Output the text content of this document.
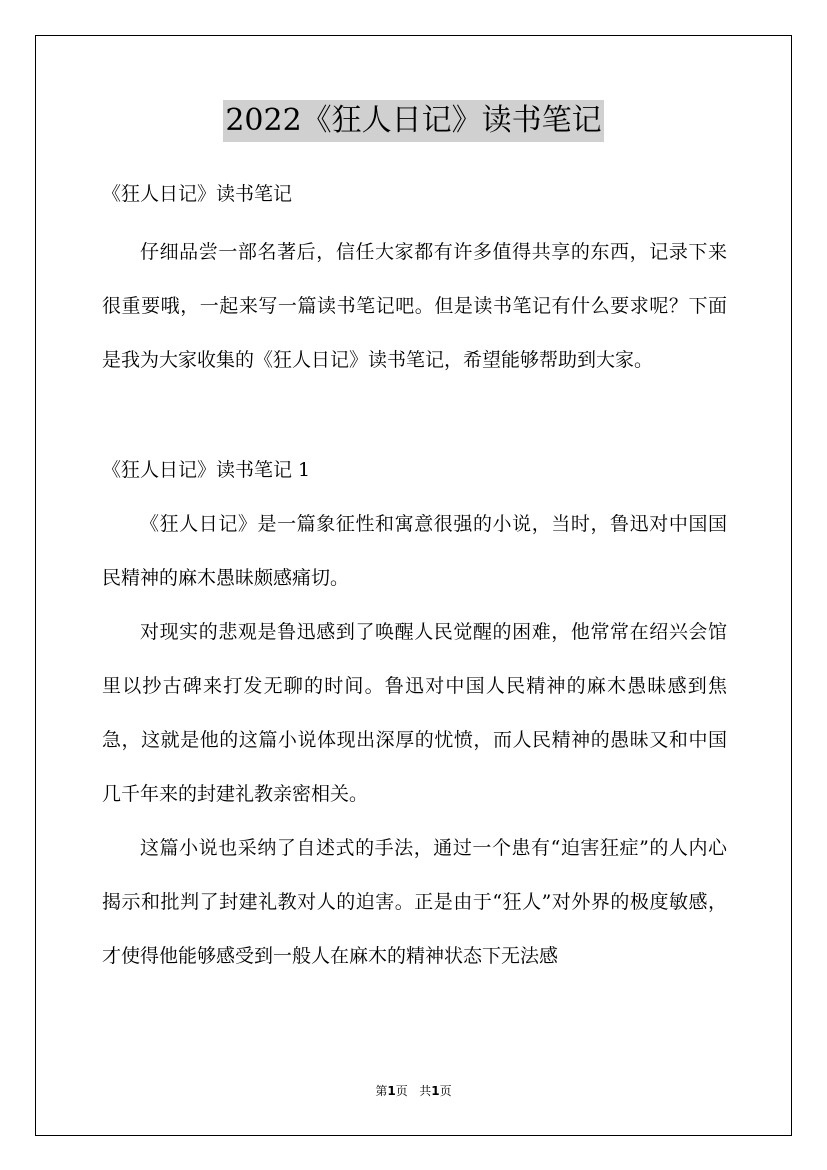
2022《狂人日记》读书笔记

《狂人日记》读书笔记

仔细品尝一部名著后，信任大家都有许多值得共享的东西，记录下来很重要哦，一起来写一篇读书笔记吧。但是读书笔记有什么要求呢？下面是我为大家收集的《狂人日记》读书笔记，希望能够帮助到大家。

《狂人日记》读书笔记 1

《狂人日记》是一篇象征性和寓意很强的小说，当时，鲁迅对中国国民精神的麻木愚昧颇感痛切。

对现实的悲观是鲁迅感到了唤醒人民觉醒的困难，他常常在绍兴会馆里以抄古碑来打发无聊的时间。鲁迅对中国人民精神的麻木愚昧感到焦急，这就是他的这篇小说体现出深厚的忧愤，而人民精神的愚昧又和中国几千年来的封建礼教亲密相关。

这篇小说也采纳了自述式的手法，通过一个患有“迫害狂症”的人内心揭示和批判了封建礼教对人的迫害。正是由于“狂人”对外界的极度敏感，才使得他能够感受到一般人在麻木的精神状态下无法感

第1页   共1页
